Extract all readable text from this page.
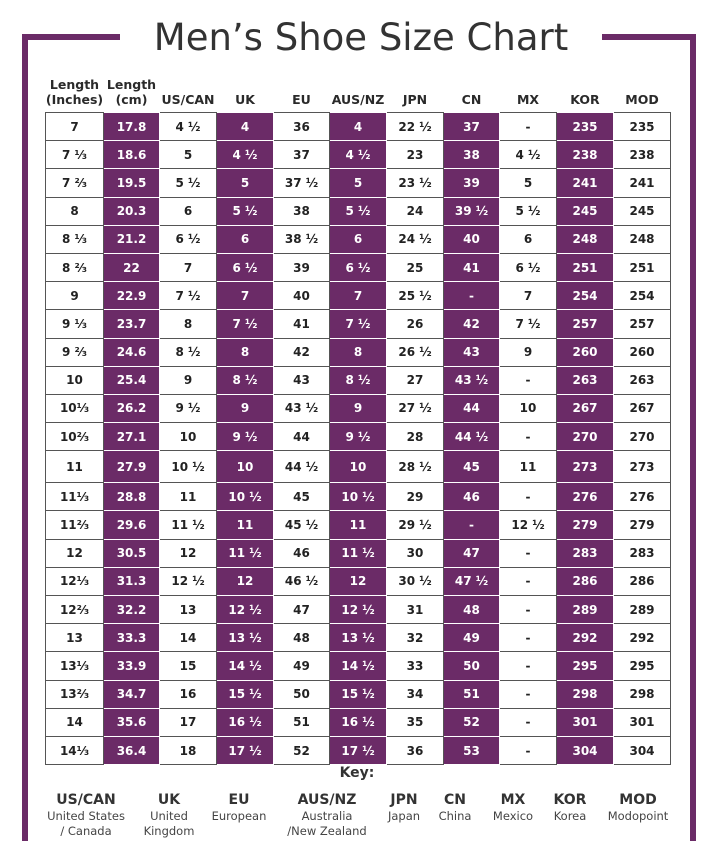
Men’s Shoe Size Chart
Length
(Inches)	Length
(cm)	US/CAN	UK	EU	AUS/NZ	JPN	CN	MX	KOR	MOD
7	17.8	4 ½	4	36	4	22 ½	37	-	235	235
7 ⅓	18.6	5	4 ½	37	4 ½	23	38	4 ½	238	238
7 ⅔	19.5	5 ½	5	37 ½	5	23 ½	39	5	241	241
8	20.3	6	5 ½	38	5 ½	24	39 ½	5 ½	245	245
8 ⅓	21.2	6 ½	6	38 ½	6	24 ½	40	6	248	248
8 ⅔	22	7	6 ½	39	6 ½	25	41	6 ½	251	251
9	22.9	7 ½	7	40	7	25 ½	-	7	254	254
9 ⅓	23.7	8	7 ½	41	7 ½	26	42	7 ½	257	257
9 ⅔	24.6	8 ½	8	42	8	26 ½	43	9	260	260
10	25.4	9	8 ½	43	8 ½	27	43 ½	-	263	263
10⅓	26.2	9 ½	9	43 ½	9	27 ½	44	10	267	267
10⅔	27.1	10	9 ½	44	9 ½	28	44 ½	-	270	270
11	27.9	10 ½	10	44 ½	10	28 ½	45	11	273	273
11⅓	28.8	11	10 ½	45	10 ½	29	46	-	276	276
11⅔	29.6	11 ½	11	45 ½	11	29 ½	-	12 ½	279	279
12	30.5	12	11 ½	46	11 ½	30	47	-	283	283
12⅓	31.3	12 ½	12	46 ½	12	30 ½	47 ½	-	286	286
12⅔	32.2	13	12 ½	47	12 ½	31	48	-	289	289
13	33.3	14	13 ½	48	13 ½	32	49	-	292	292
13⅓	33.9	15	14 ½	49	14 ½	33	50	-	295	295
13⅔	34.7	16	15 ½	50	15 ½	34	51	-	298	298
14	35.6	17	16 ½	51	16 ½	35	52	-	301	301
14⅓	36.4	18	17 ½	52	17 ½	36	53	-	304	304
Key:
US/CAN
United States
/ Canada
UK
United
Kingdom
EU
European
AUS/NZ
Australia
/New Zealand
JPN
Japan
CN
China
MX
Mexico
KOR
Korea
MOD
Modopoint
